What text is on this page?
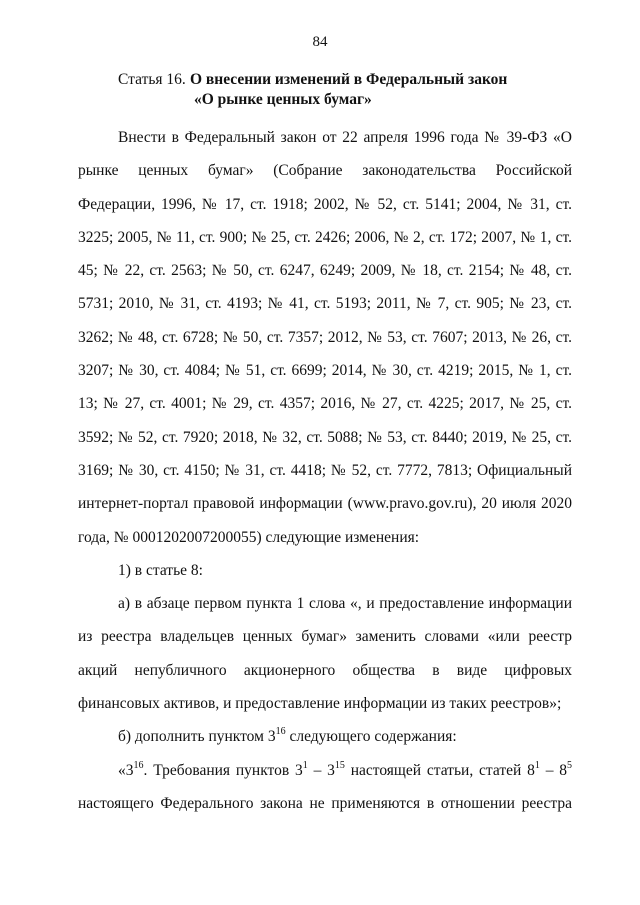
84
Статья 16. О внесении изменений в Федеральный закон
«О рынке ценных бумаг»

Внести в Федеральный закон от 22 апреля 1996 года № 39-ФЗ «О рынке ценных бумаг» (Собрание законодательства Российской Федерации, 1996, № 17, ст. 1918; 2002, № 52, ст. 5141; 2004, № 31, ст. 3225; 2005, № 11, ст. 900; № 25, ст. 2426; 2006, № 2, ст. 172; 2007, № 1, ст. 45; № 22, ст. 2563; № 50, ст. 6247, 6249; 2009, № 18, ст. 2154; № 48, ст. 5731; 2010, № 31, ст. 4193; № 41, ст. 5193; 2011, № 7, ст. 905; № 23, ст. 3262; № 48, ст. 6728; № 50, ст. 7357; 2012, № 53, ст. 7607; 2013, № 26, ст. 3207; № 30, ст. 4084; № 51, ст. 6699; 2014, № 30, ст. 4219; 2015, № 1, ст. 13; № 27, ст. 4001; № 29, ст. 4357; 2016, № 27, ст. 4225; 2017, № 25, ст. 3592; № 52, ст. 7920; 2018, № 32, ст. 5088; № 53, ст. 8440; 2019, № 25, ст. 3169; № 30, ст. 4150; № 31, ст. 4418; № 52, ст. 7772, 7813; Официальный интернет-портал правовой информации (www.pravo.gov.ru), 20 июля 2020 года, № 0001202007200055) следующие изменения:

1) в статье 8:

а) в абзаце первом пункта 1 слова «, и предоставление информации из реестра владельцев ценных бумаг» заменить словами «или реестр акций непубличного акционерного общества в виде цифровых финансовых активов, и предоставление информации из таких реестров»;

б) дополнить пунктом $3^{16}$ следующего содержания:

«$3^{16}$. Требования пунктов $3^1 - 3^{15}$ настоящей статьи, статей $8^1 - 8^5$ настоящего Федерального закона не применяются в отношении реестра
